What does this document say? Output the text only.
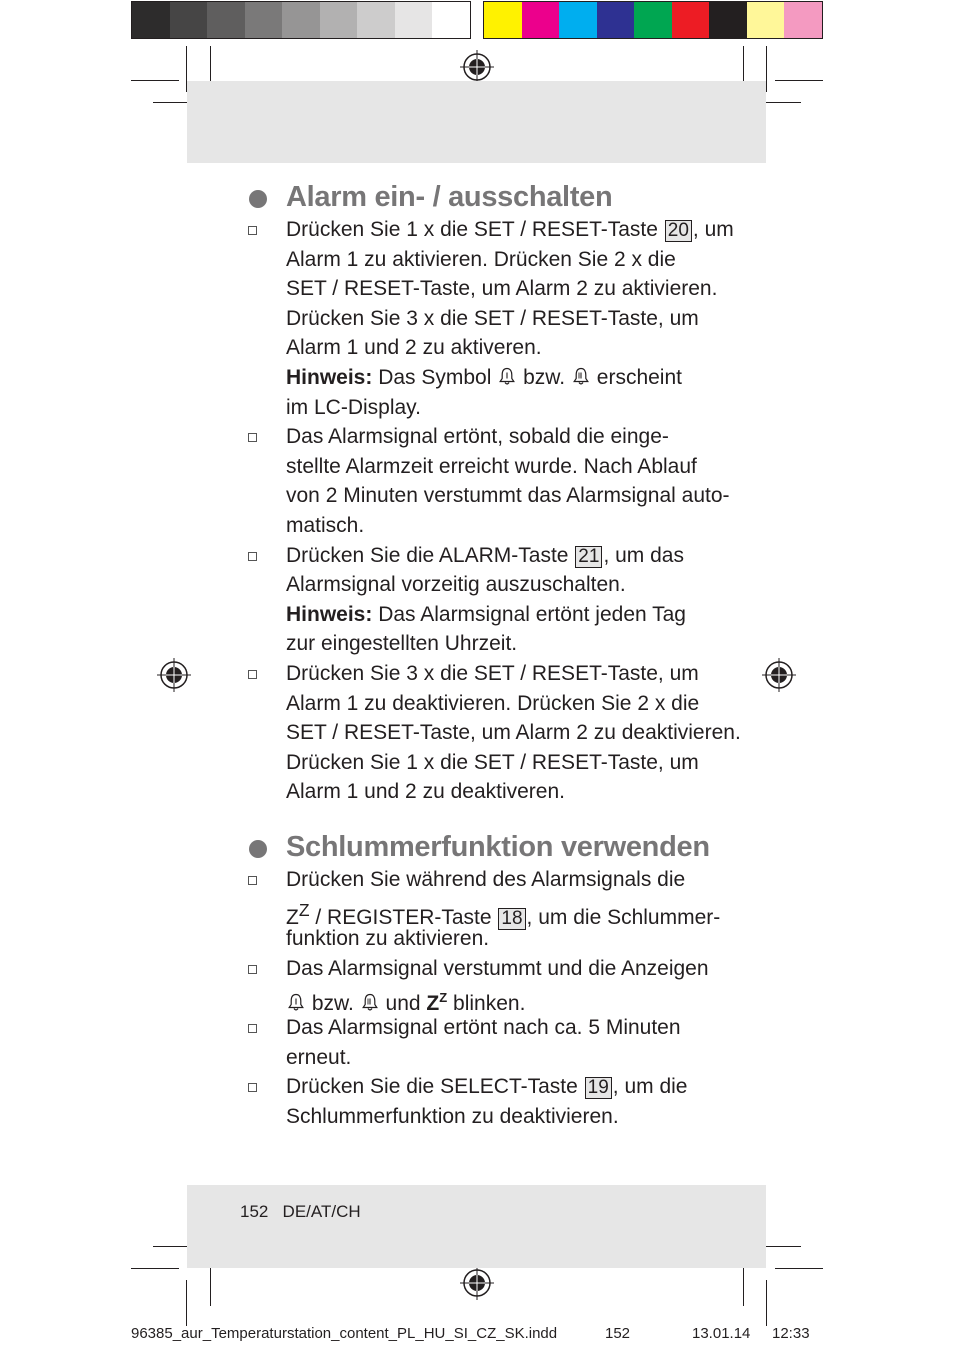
Alarm ein- / ausschalten
Drücken Sie 1 x die SET / RESET-Taste 20 , um
Alarm 1 zu aktivieren. Drücken Sie 2 x die
SET / RESET-Taste, um Alarm 2 zu aktivieren.
Drücken Sie 3 x die SET / RESET-Taste, um
Alarm 1 und 2 zu aktiveren.
Hinweis: Das Symbol  bzw.  erscheint
im LC-Display.
Das Alarmsignal ertönt, sobald die einge-
stellte Alarmzeit erreicht wurde. Nach Ablauf
von 2 Minuten verstummt das Alarmsignal auto-
matisch.
Drücken Sie die ALARM-Taste 21 , um das
Alarmsignal vorzeitig auszuschalten.
Hinweis: Das Alarmsignal ertönt jeden Tag
zur eingestellten Uhrzeit.
Drücken Sie 3 x die SET / RESET-Taste, um
Alarm 1 zu deaktivieren. Drücken Sie 2 x die
SET / RESET-Taste, um Alarm 2 zu deaktivieren.
Drücken Sie 1 x die SET / RESET-Taste, um
Alarm 1 und 2 zu deaktiveren.
Schlummerfunktion verwenden
Drücken Sie während des Alarmsignals die
$Z^Z$ / REGISTER-Taste 18 , um die Schlummer-
funktion zu aktivieren.
Das Alarmsignal verstummt und die Anzeigen
bzw.  und $Z^Z$ blinken.
Das Alarmsignal ertönt nach ca. 5 Minuten
erneut.
Drücken Sie die SELECT-Taste 19 , um die
Schlummerfunktion zu deaktivieren.
152 DE/AT/CH
96385_aur_Temperaturstation_content_PL_HU_SI_CZ_SK.indd	152	13.01.14 12:33
